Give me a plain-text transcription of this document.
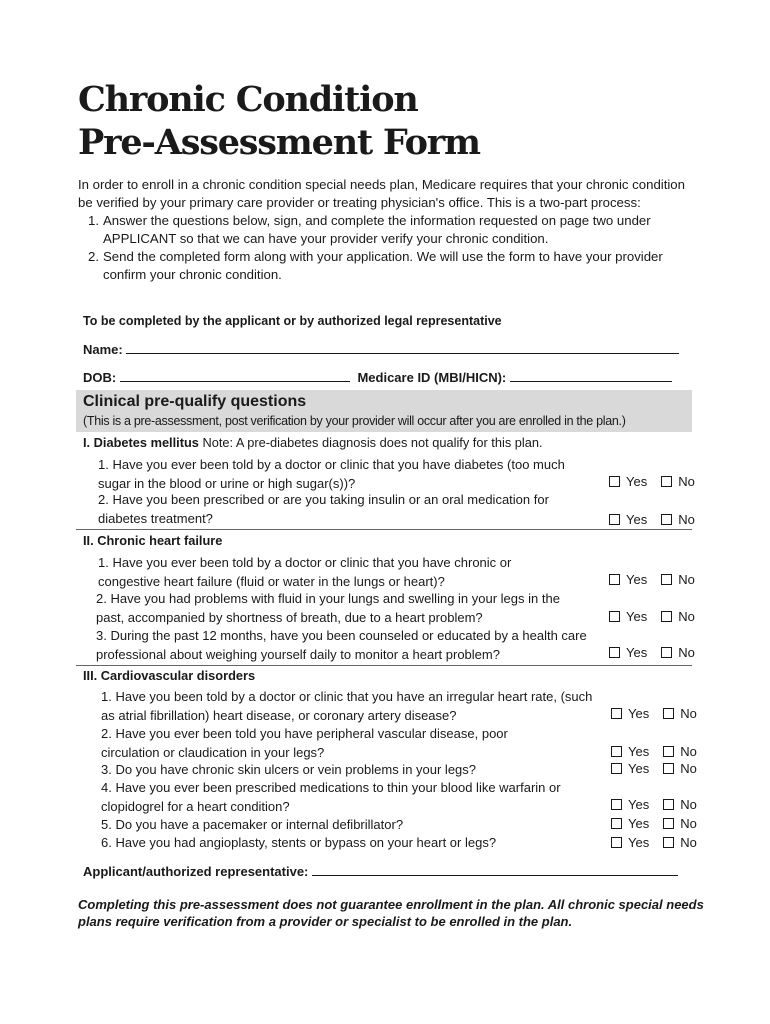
Chronic Condition
Pre-Assessment Form

In order to enroll in a chronic condition special needs plan, Medicare requires that your chronic condition be verified by your primary care provider or treating physician's office. This is a two-part process:

1. Answer the questions below, sign, and complete the information requested on page two under APPLICANT so that we can have your provider verify your chronic condition.
2. Send the completed form along with your application. We will use the form to have your provider confirm your chronic condition.

To be completed by the applicant or by authorized legal representative

Name:
DOB:	Medicare ID (MBI/HICN):

Clinical pre-qualify questions

(This is a pre-assessment, post verification by your provider will occur after you are enrolled in the plan.)

I. Diabetes mellitus Note: A pre-diabetes diagnosis does not qualify for this plan.

1. Have you ever been told by a doctor or clinic that you have diabetes (too much sugar in the blood or urine or high sugar(s))?

2. Have you been prescribed or are you taking insulin or an oral medication for diabetes treatment?

II. Chronic heart failure

1. Have you ever been told by a doctor or clinic that you have chronic or congestive heart failure (fluid or water in the lungs or heart)?

2. Have you had problems with fluid in your lungs and swelling in your legs in the past, accompanied by shortness of breath, due to a heart problem?

3. During the past 12 months, have you been counseled or educated by a health care professional about weighing yourself daily to monitor a heart problem?

III. Cardiovascular disorders

1. Have you been told by a doctor or clinic that you have an irregular heart rate, (such as atrial fibrillation) heart disease, or coronary artery disease?

2. Have you ever been told you have peripheral vascular disease, poor circulation or claudication in your legs?

3. Do you have chronic skin ulcers or vein problems in your legs?

4. Have you ever been prescribed medications to thin your blood like warfarin or clopidogrel for a heart condition?

5. Do you have a pacemaker or internal defibrillator?

6. Have you had angioplasty, stents or bypass on your heart or legs?

Yes No
Yes No
Yes No
Yes No
Yes No
Yes No
Yes No
Yes No
Yes No
Yes No
Yes No
Applicant/authorized representative:

Completing this pre-assessment does not guarantee enrollment in the plan. All chronic special needs plans require verification from a provider or specialist to be enrolled in the plan.
